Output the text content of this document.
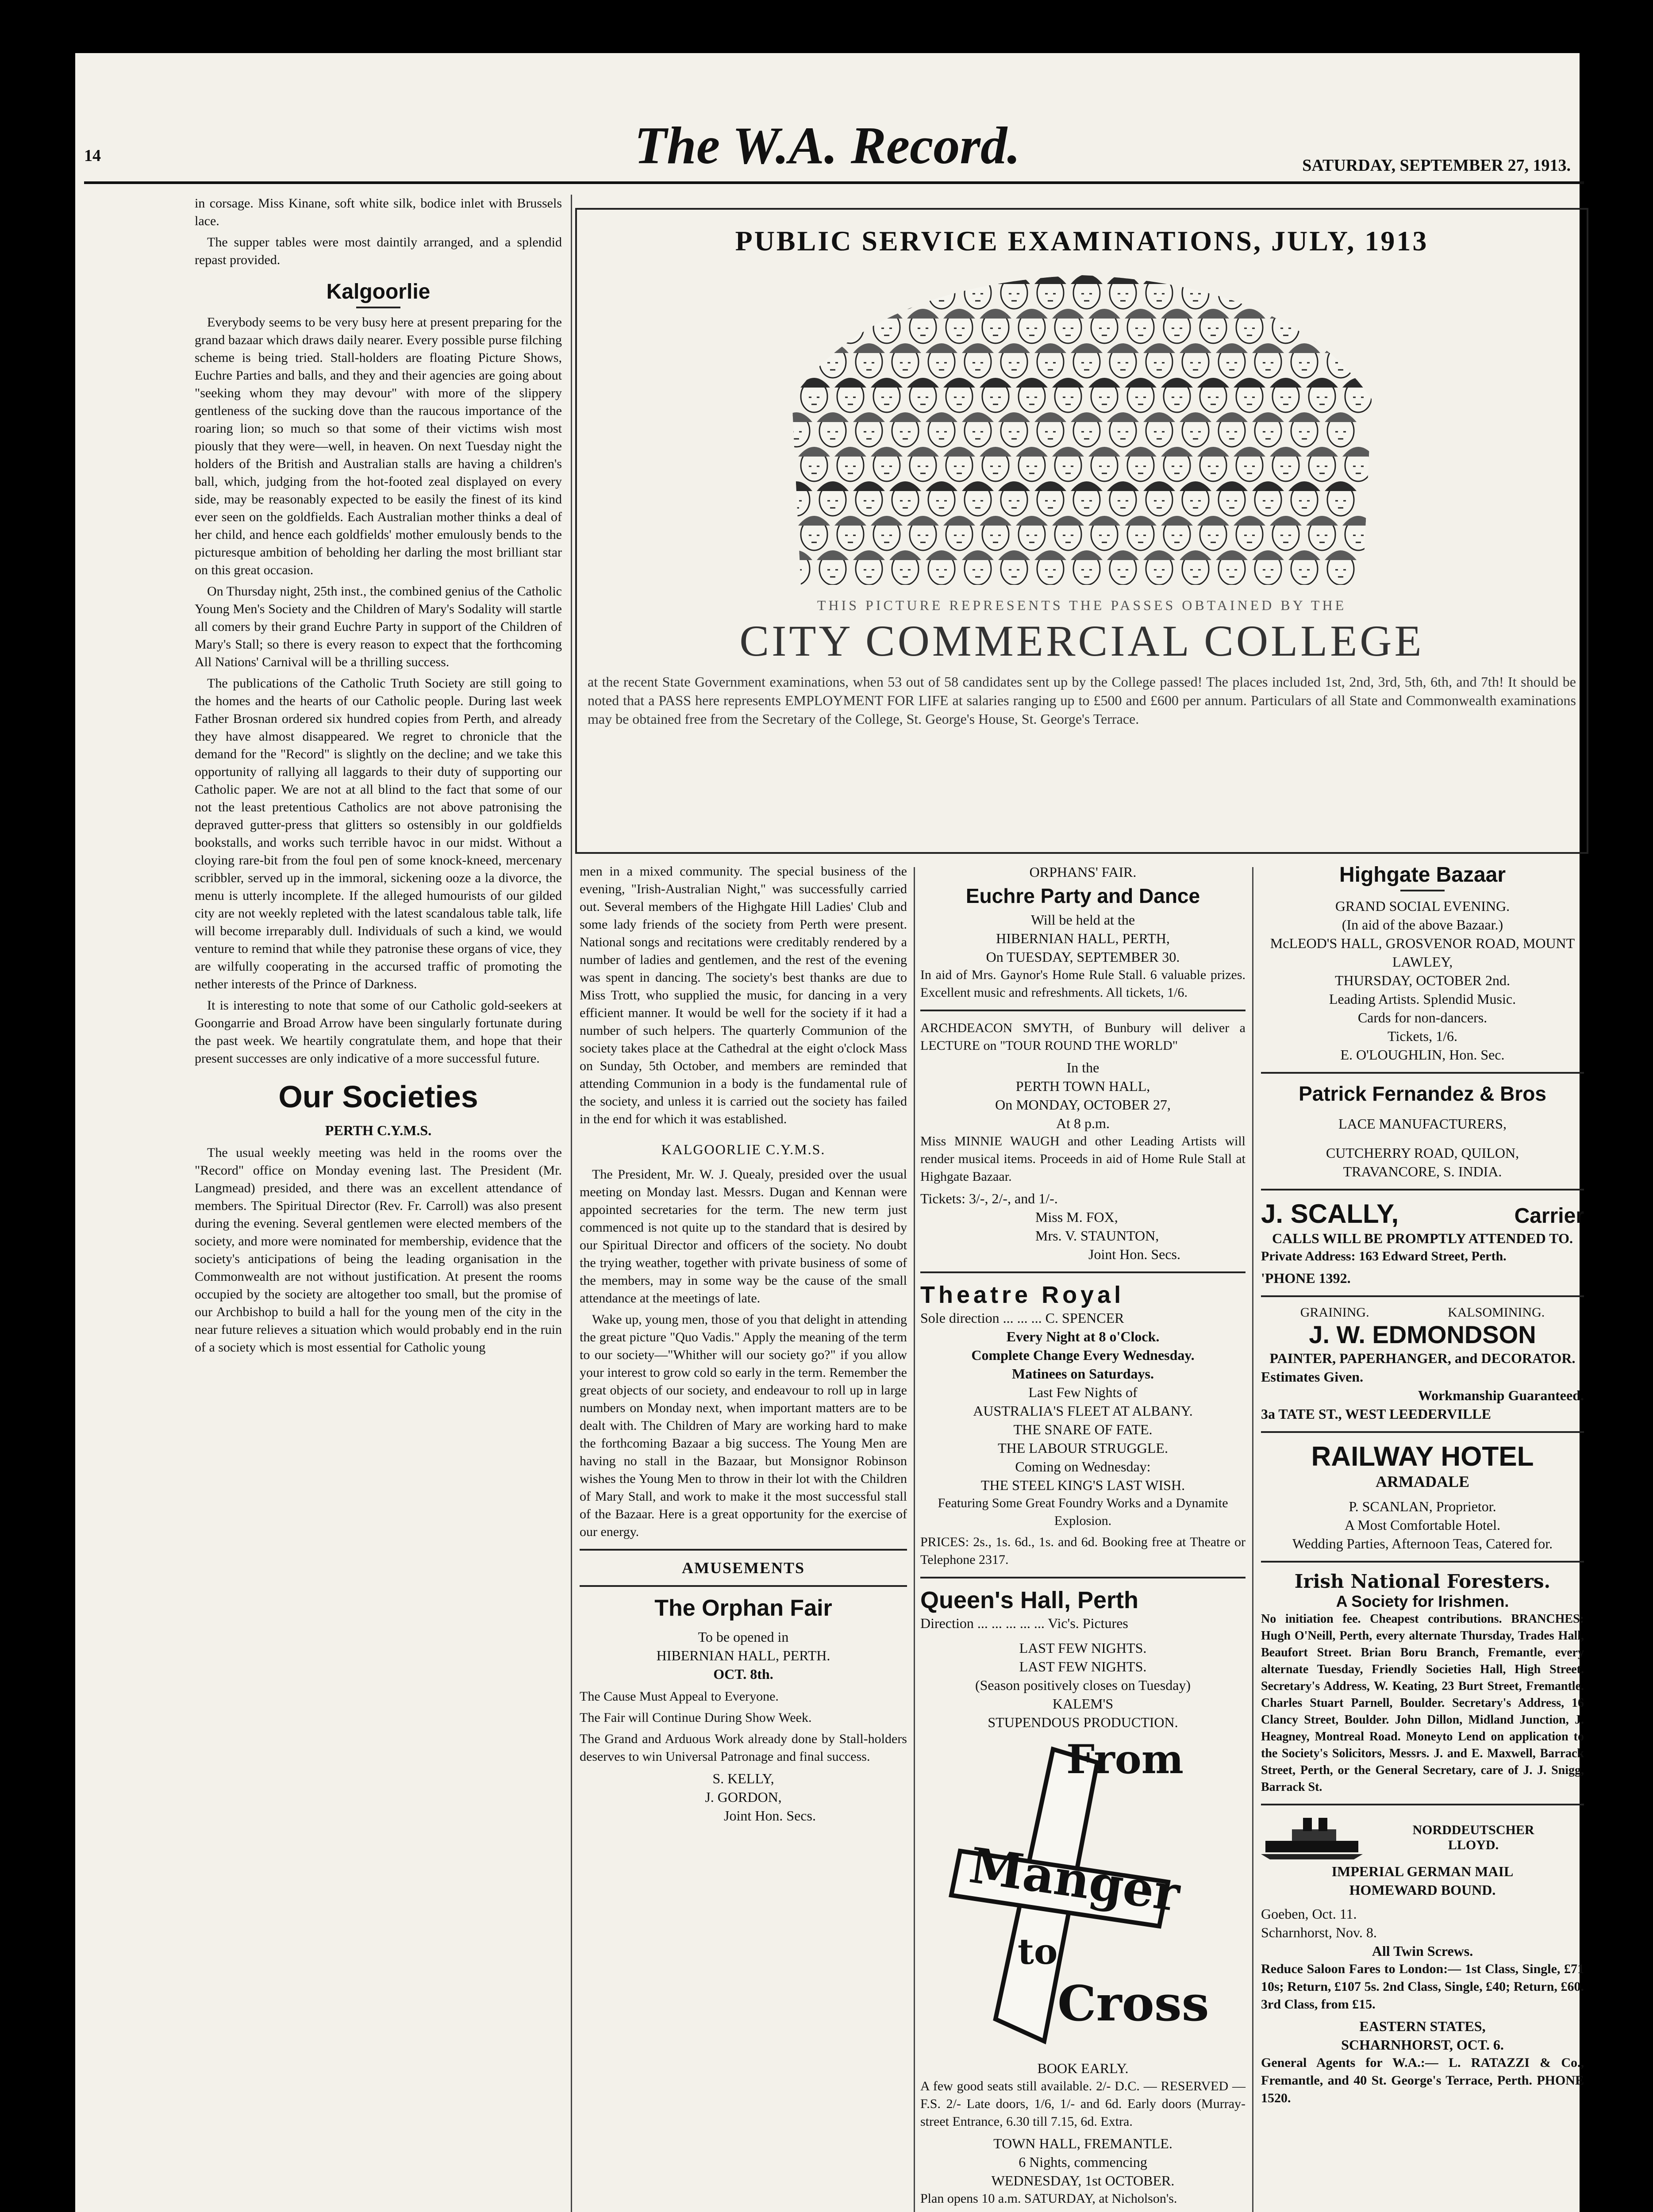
14	The W.A. Record.	SATURDAY, SEPTEMBER 27, 1913.

in corsage. Miss Kinane, soft white silk, bodice inlet with Brussels lace.

The supper tables were most daintily arranged, and a splendid repast provided.

Kalgoorlie

Everybody seems to be very busy here at present preparing for the grand bazaar which draws daily nearer. Every possible purse filching scheme is being tried. Stall-holders are floating Picture Shows, Euchre Parties and balls, and they and their agencies are going about "seeking whom they may devour" with more of the slippery gentleness of the sucking dove than the raucous importance of the roaring lion; so much so that some of their victims wish most piously that they were—well, in heaven. On next Tuesday night the holders of the British and Australian stalls are having a children's ball, which, judging from the hot-footed zeal displayed on every side, may be reasonably expected to be easily the finest of its kind ever seen on the goldfields. Each Australian mother thinks a deal of her child, and hence each goldfields' mother emulously bends to the picturesque ambition of beholding her darling the most brilliant star on this great occasion.

On Thursday night, 25th inst., the combined genius of the Catholic Young Men's Society and the Children of Mary's Sodality will startle all comers by their grand Euchre Party in support of the Children of Mary's Stall; so there is every reason to expect that the forthcoming All Nations' Carnival will be a thrilling success.

The publications of the Catholic Truth Society are still going to the homes and the hearts of our Catholic people. During last week Father Brosnan ordered six hundred copies from Perth, and already they have almost disappeared. We regret to chronicle that the demand for the "Record" is slightly on the decline; and we take this opportunity of rallying all laggards to their duty of supporting our Catholic paper. We are not at all blind to the fact that some of our not the least pretentious Catholics are not above patronising the depraved gutter-press that glitters so ostensibly in our goldfields bookstalls, and works such terrible havoc in our midst. Without a cloying rare-bit from the foul pen of some knock-kneed, mercenary scribbler, served up in the immoral, sickening ooze a la divorce, the menu is utterly incomplete. If the alleged humourists of our gilded city are not weekly repleted with the latest scandalous table talk, life will become irreparably dull. Individuals of such a kind, we would venture to remind that while they patronise these organs of vice, they are wilfully cooperating in the accursed traffic of promoting the nether interests of the Prince of Darkness.

It is interesting to note that some of our Catholic gold-seekers at Goongarrie and Broad Arrow have been singularly fortunate during the past week. We heartily congratulate them, and hope that their present successes are only indicative of a more successful future.

Our Societies
PERTH C.Y.M.S.

The usual weekly meeting was held in the rooms over the "Record" office on Monday evening last. The President (Mr. Langmead) presided, and there was an excellent attendance of members. The Spiritual Director (Rev. Fr. Carroll) was also present during the evening. Several gentlemen were elected members of the society, and more were nominated for membership, evidence that the society's anticipations of being the leading organisation in the Commonwealth are not without justification. At present the rooms occupied by the society are altogether too small, but the promise of our Archbishop to build a hall for the young men of the city in the near future relieves a situation which would probably end in the ruin of a society which is most essential for Catholic young

PUBLIC SERVICE EXAMINATIONS, JULY, 1913
THIS PICTURE REPRESENTS THE PASSES OBTAINED BY THE
CITY COMMERCIAL COLLEGE
at the recent State Government examinations, when 53 out of 58 candidates sent up by the College passed! The places included 1st, 2nd, 3rd, 5th, 6th, and 7th! It should be noted that a PASS here represents EMPLOYMENT FOR LIFE at salaries ranging up to £500 and £600 per annum. Particulars of all State and Commonwealth examinations may be obtained free from the Secretary of the College, St. George's House, St. George's Terrace.

men in a mixed community. The special business of the evening, "Irish-Australian Night," was successfully carried out. Several members of the Highgate Hill Ladies' Club and some lady friends of the society from Perth were present. National songs and recitations were creditably rendered by a number of ladies and gentlemen, and the rest of the evening was spent in dancing. The society's best thanks are due to Miss Trott, who supplied the music, for dancing in a very efficient manner. It would be well for the society if it had a number of such helpers. The quarterly Communion of the society takes place at the Cathedral at the eight o'clock Mass on Sunday, 5th October, and members are reminded that attending Communion in a body is the fundamental rule of the society, and unless it is carried out the society has failed in the end for which it was established.

KALGOORLIE C.Y.M.S.

The President, Mr. W. J. Quealy, presided over the usual meeting on Monday last. Messrs. Dugan and Kennan were appointed secretaries for the term. The new term just commenced is not quite up to the standard that is desired by our Spiritual Director and officers of the society. No doubt the trying weather, together with private business of some of the members, may in some way be the cause of the small attendance at the meetings of late.

Wake up, young men, those of you that delight in attending the great picture "Quo Vadis." Apply the meaning of the term to our society—"Whither will our society go?" if you allow your interest to grow cold so early in the term. Remember the great objects of our society, and endeavour to roll up in large numbers on Monday next, when important matters are to be dealt with. The Children of Mary are working hard to make the forthcoming Bazaar a big success. The Young Men are having no stall in the Bazaar, but Monsignor Robinson wishes the Young Men to throw in their lot with the Children of Mary Stall, and work to make it the most successful stall of the Bazaar. Here is a great opportunity for the exercise of our energy.

AMUSEMENTS
The Orphan Fair

To be opened in

HIBERNIAN HALL, PERTH.

OCT. 8th.

The Cause Must Appeal to Everyone.

The Fair will Continue During Show Week.

The Grand and Arduous Work already done by Stall-holders deserves to win Universal Patronage and final success.

S. KELLY,

J. GORDON,

Joint Hon. Secs.

ORPHANS' FAIR.

Euchre Party and Dance

Will be held at the

HIBERNIAN HALL, PERTH,

On TUESDAY, SEPTEMBER 30.

In aid of Mrs. Gaynor's Home Rule Stall. 6 valuable prizes. Excellent music and refreshments. All tickets, 1/6.

ARCHDEACON SMYTH, of Bunbury will deliver a LECTURE on "TOUR ROUND THE WORLD"

In the

PERTH TOWN HALL,

On MONDAY, OCTOBER 27,

At 8 p.m.

Miss MINNIE WAUGH and other Leading Artists will render musical items. Proceeds in aid of Home Rule Stall at Highgate Bazaar.

Tickets: 3/-, 2/-, and 1/-.

Miss M. FOX,

Mrs. V. STAUNTON,

Joint Hon. Secs.

Theatre Royal

Sole direction ... ... ... C. SPENCER

Every Night at 8 o'Clock.

Complete Change Every Wednesday.

Matinees on Saturdays.

Last Few Nights of

AUSTRALIA'S FLEET AT ALBANY.

THE SNARE OF FATE.

THE LABOUR STRUGGLE.

Coming on Wednesday:

THE STEEL KING'S LAST WISH.

Featuring Some Great Foundry Works and a Dynamite Explosion.

PRICES: 2s., 1s. 6d., 1s. and 6d. Booking free at Theatre or Telephone 2317.

Queen's Hall, Perth

Direction ... ... ... ... ... Vic's. Pictures

LAST FEW NIGHTS.

LAST FEW NIGHTS.

(Season positively closes on Tuesday)

KALEM'S

STUPENDOUS PRODUCTION.

From
Manger
to
Cross

BOOK EARLY.

A few good seats still available. 2/- D.C. — RESERVED — F.S. 2/- Late doors, 1/6, 1/- and 6d. Early doors (Murray-street Entrance, 6.30 till 7.15, 6d. Extra.

TOWN HALL, FREMANTLE.

6 Nights, commencing

WEDNESDAY, 1st OCTOBER.

Plan opens 10 a.m. SATURDAY, at Nicholson's.

Highgate Bazaar

GRAND SOCIAL EVENING.

(In aid of the above Bazaar.)

McLEOD'S HALL, GROSVENOR ROAD, MOUNT LAWLEY,

THURSDAY, OCTOBER 2nd.

Leading Artists. Splendid Music.

Cards for non-dancers.

Tickets, 1/6.

E. O'LOUGHLIN, Hon. Sec.

Patrick Fernandez & Bros

LACE MANUFACTURERS,

CUTCHERRY ROAD, QUILON,

TRAVANCORE, S. INDIA.

J. SCALLY,	Carrier

CALLS WILL BE PROMPTLY ATTENDED TO.

Private Address: 163 Edward Street, Perth.

'PHONE 1392.

GRAINING.	KALSOMINING.
J. W. EDMONDSON

PAINTER, PAPERHANGER, and DECORATOR.

Estimates Given.

Workmanship Guaranteed.

3a TATE ST., WEST LEEDERVILLE

RAILWAY HOTEL
ARMADALE

P. SCANLAN, Proprietor.

A Most Comfortable Hotel.

Wedding Parties, Afternoon Teas, Catered for.

Irish National Foresters.
A Society for Irishmen.

No initiation fee. Cheapest contributions. BRANCHES: Hugh O'Neill, Perth, every alternate Thursday, Trades Hall, Beaufort Street. Brian Boru Branch, Fremantle, every alternate Tuesday, Friendly Societies Hall, High Street. Secretary's Address, W. Keating, 23 Burt Street, Fremantle. Charles Stuart Parnell, Boulder. Secretary's Address, 16 Clancy Street, Boulder. John Dillon, Midland Junction, J. Heagney, Montreal Road. Moneyto Lend on application to the Society's Solicitors, Messrs. J. and E. Maxwell, Barrack Street, Perth, or the General Secretary, care of J. J. Snigg, Barrack St.

NORDDEUTSCHER
LLOYD.

IMPERIAL GERMAN MAIL

HOMEWARD BOUND.

Goeben, Oct. 11.

Scharnhorst, Nov. 8.

All Twin Screws.

Reduce Saloon Fares to London:— 1st Class, Single, £71 10s; Return, £107 5s. 2nd Class, Single, £40; Return, £60. 3rd Class, from £15.

EASTERN STATES,

SCHARNHORST, OCT. 6.

General Agents for W.A.:— L. RATAZZI & Co., Fremantle, and 40 St. George's Terrace, Perth. PHONE 1520.
